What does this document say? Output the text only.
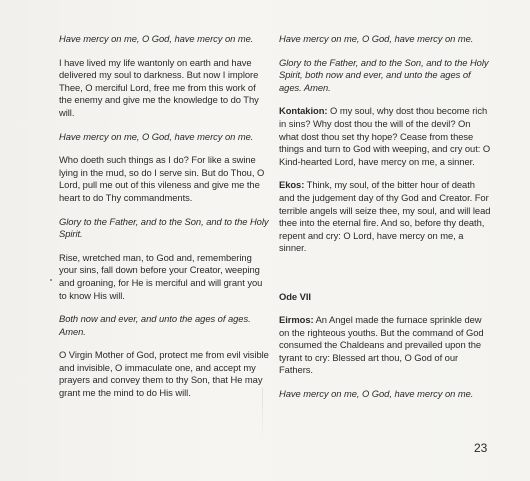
Have mercy on me, O God, have mercy on me.

I have lived my life wantonly on earth and have delivered my soul to darkness. But now I implore Thee, O merciful Lord, free me from this work of the enemy and give me the knowledge to do Thy will.

Have mercy on me, O God, have mercy on me.

Who doeth such things as I do? For like a swine lying in the mud, so do I serve sin. But do Thou, O Lord, pull me out of this vileness and give me the heart to do Thy commandments.

Glory to the Father, and to the Son, and to the Holy Spirit.

Rise, wretched man, to God and, remembering your sins, fall down before your Creator, weeping and groaning, for He is merciful and will grant you to know His will.

Both now and ever, and unto the ages of ages. Amen.

O Virgin Mother of God, protect me from evil visible and invisible, O immaculate one, and accept my prayers and convey them to thy Son, that He may grant me the mind to do His will.

Have mercy on me, O God, have mercy on me.

Glory to the Father, and to the Son, and to the Holy Spirit, both now and ever, and unto the ages of ages. Amen.

Kontakion: O my soul, why dost thou become rich in sins? Why dost thou the will of the devil? On what dost thou set thy hope? Cease from these things and turn to God with weeping, and cry out: O Kind-hearted Lord, have mercy on me, a sinner.

Ekos: Think, my soul, of the bitter hour of death and the judgement day of thy God and Creator. For terrible angels will seize thee, my soul, and will lead thee into the eternal fire. And so, before thy death, repent and cry: O Lord, have mercy on me, a sinner.

Ode VII

Eirmos: An Angel made the furnace sprinkle dew on the righteous youths. But the command of God consumed the Chaldeans and prevailed upon the tyrant to cry: Blessed art thou, O God of our Fathers.

Have mercy on me, O God, have mercy on me.

23
